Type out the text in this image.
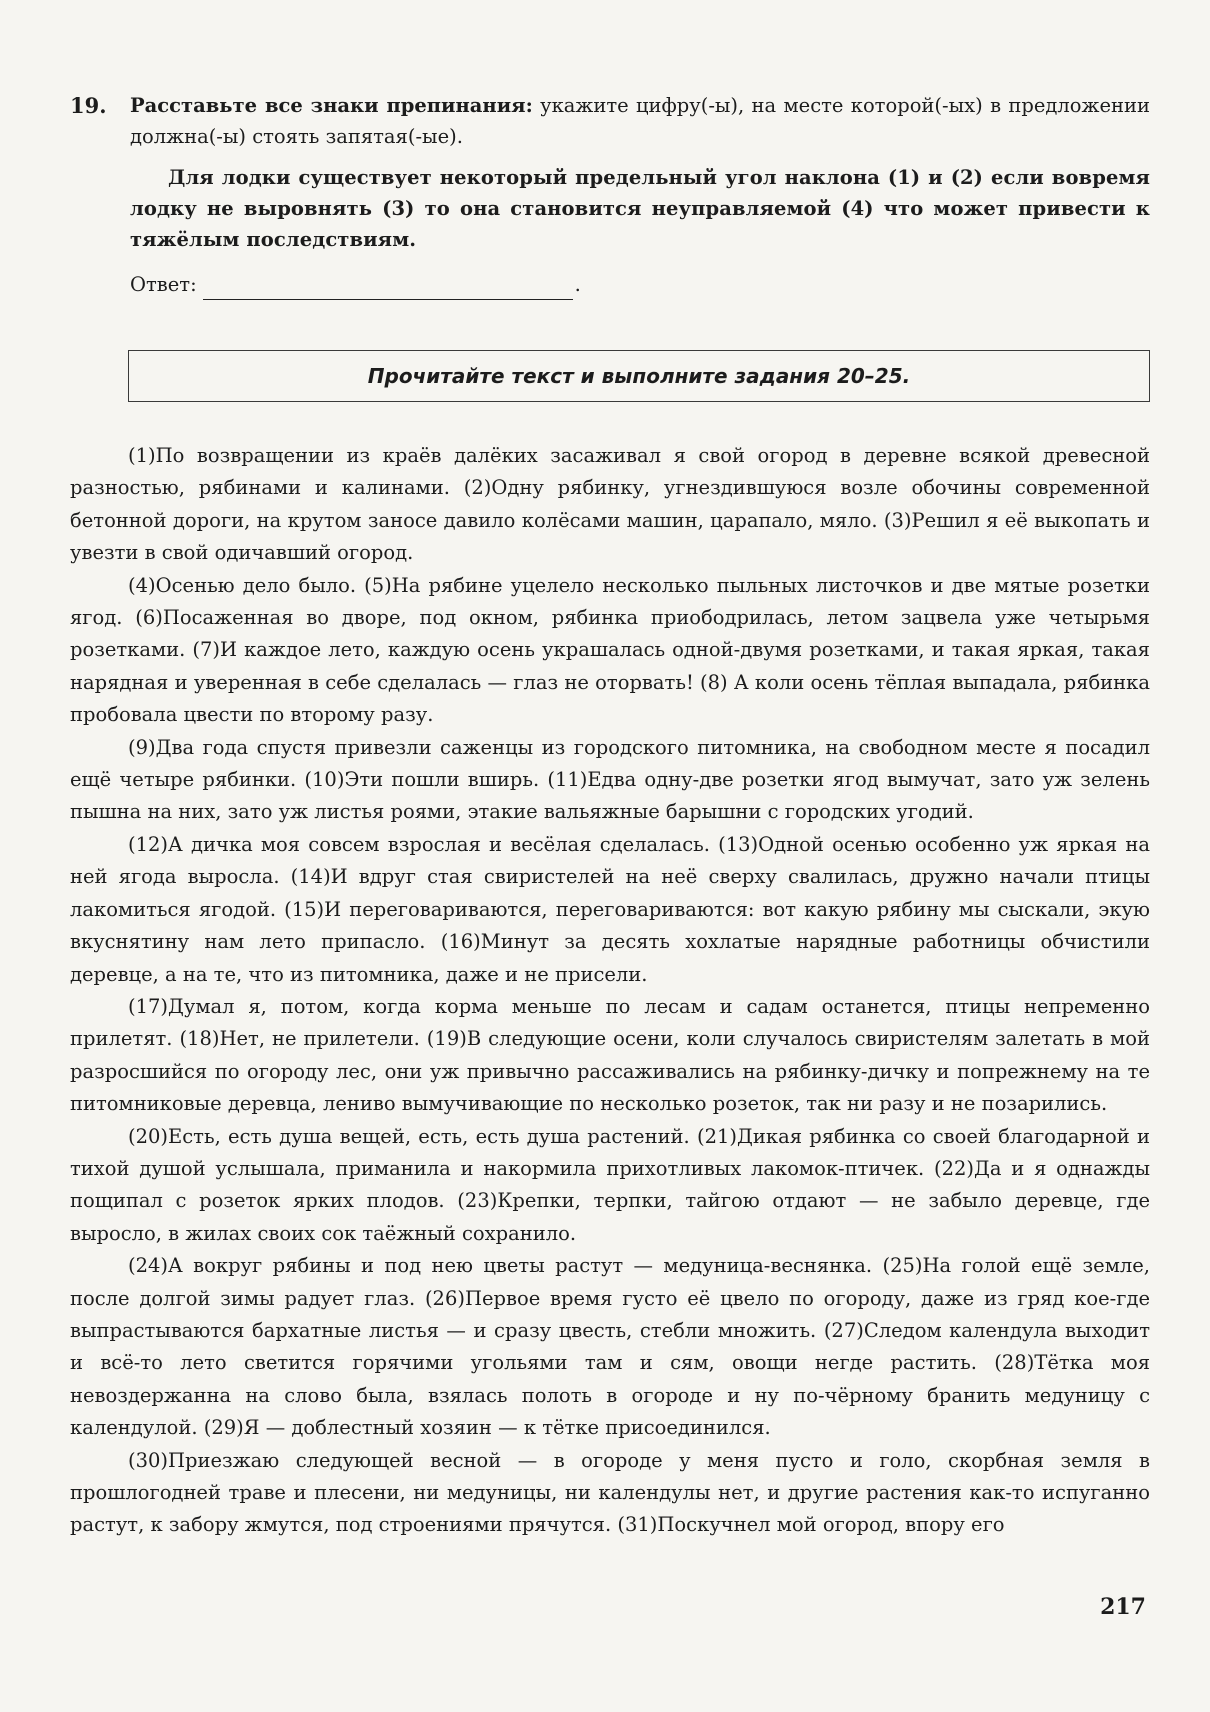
19. Расставьте все знаки препинания: укажите цифру(-ы), на месте которой(-ых) в предложении должна(-ы) стоять запятая(-ые).
Для лодки существует некоторый предельный угол наклона (1) и (2) если вовремя лодку не выровнять (3) то она становится неуправляемой (4) что может привести к тяжёлым последствиям.
Ответ:	.
Прочитайте текст и выполните задания 20–25.

(1)По возвращении из краёв далёких засаживал я свой огород в деревне всякой древесной разностью, рябинами и калинами. (2)Одну рябинку, угнездившуюся возле обочины современной бетонной дороги, на крутом заносе давило колёсами машин, царапало, мяло. (3)Решил я её выкопать и увезти в свой одичавший огород.

(4)Осенью дело было. (5)На рябине уцелело несколько пыльных листочков и две мятые розетки ягод. (6)Посаженная во дворе, под окном, рябинка приободрилась, летом зацвела уже четырьмя розетками. (7)И каждое лето, каждую осень украшалась одной-двумя розетками, и такая яркая, такая нарядная и уверенная в себе сделалась — глаз не оторвать! (8) А коли осень тёплая выпадала, рябинка пробовала цвести по второму разу.

(9)Два года спустя привезли саженцы из городского питомника, на свободном месте я посадил ещё четыре рябинки. (10)Эти пошли вширь. (11)Едва одну-две розетки ягод вымучат, зато уж зелень пышна на них, зато уж листья роями, этакие вальяжные барышни с городских угодий.

(12)А дичка моя совсем взрослая и весёлая сделалась. (13)Одной осенью особенно уж яркая на ней ягода выросла. (14)И вдруг стая свиристелей на неё сверху свалилась, дружно начали птицы лакомиться ягодой. (15)И переговариваются, переговариваются: вот какую рябину мы сыскали, экую вкуснятину нам лето припасло. (16)Минут за десять хохлатые нарядные работницы обчистили деревце, а на те, что из питомника, даже и не присели.

(17)Думал я, потом, когда корма меньше по лесам и садам останется, птицы непременно прилетят. (18)Нет, не прилетели. (19)В следующие осени, коли случалось свиристелям залетать в мой разросшийся по огороду лес, они уж привычно рассаживались на рябинку-дичку и попрежнему на те питомниковые деревца, лениво вымучивающие по несколько розеток, так ни разу и не позарились.

(20)Есть, есть душа вещей, есть, есть душа растений. (21)Дикая рябинка со своей благодарной и тихой душой услышала, приманила и накормила прихотливых лакомок-птичек. (22)Да и я однажды пощипал с розеток ярких плодов. (23)Крепки, терпки, тайгою отдают — не забыло деревце, где выросло, в жилах своих сок таёжный сохранило.

(24)А вокруг рябины и под нею цветы растут — медуница-веснянка. (25)На голой ещё земле, после долгой зимы радует глаз. (26)Первое время густо её цвело по огороду, даже из гряд кое-где выпрастываются бархатные листья — и сразу цвесть, стебли множить. (27)Следом календула выходит и всё-то лето светится горячими угольями там и сям, овощи негде растить. (28)Тётка моя невоздержанна на слово была, взялась полоть в огороде и ну по-чёрному бранить медуницу с календулой. (29)Я — доблестный хозяин — к тётке присоединился.

(30)Приезжаю следующей весной — в огороде у меня пусто и голо, скорбная земля в прошлогодней траве и плесени, ни медуницы, ни календулы нет, и другие растения как-то испуганно растут, к забору жмутся, под строениями прячутся. (31)Поскучнел мой огород, впору его

217
